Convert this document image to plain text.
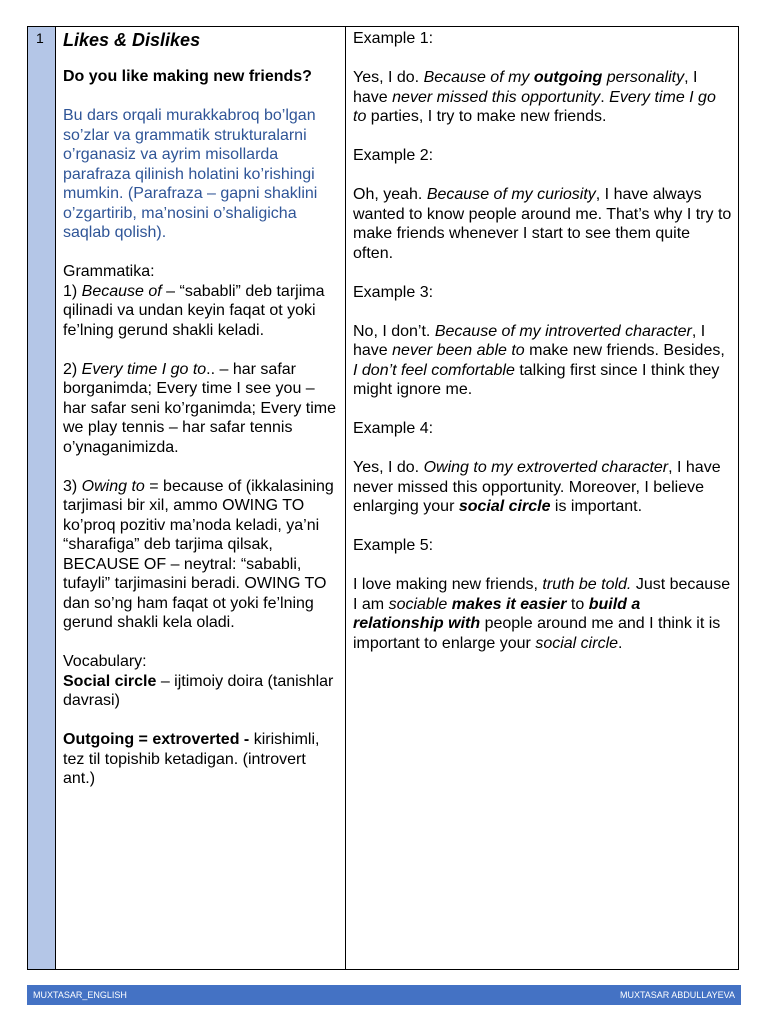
1 Likes & Dislikes

Do you like making new friends?

Bu dars orqali murakkabroq bo’lgan so’zlar va grammatik strukturalarni o’rganasiz va ayrim misollarda parafraza qilinish holatini ko’rishingi mumkin. (Parafraza – gapni shaklini o’zgartirib, ma’nosini o’shaligicha saqlab qolish).

Grammatika:

1) Because of – “sababli” deb tarjima qilinadi va undan keyin faqat ot yoki fe’lning gerund shakli keladi.

2) Every time I go to.. – har safar borganimda; Every time I see you – har safar seni ko’rganimda; Every time we play tennis – har safar tennis o’ynaganimizda.

3) Owing to = because of (ikkalasining tarjimasi bir xil, ammo OWING TO ko’proq pozitiv ma’noda keladi, ya’ni “sharafiga” deb tarjima qilsak, BECAUSE OF – neytral: “sababli, tufayli” tarjimasini beradi. OWING TO dan so’ng ham faqat ot yoki fe’lning gerund shakli kela oladi.

Vocabulary:

Social circle – ijtimoiy doira (tanishlar davrasi)

Outgoing = extroverted - kirishimli, tez til topishib ketadigan. (introvert ant.)

Example 1:

Yes, I do. Because of my outgoing personality, I have never missed this opportunity. Every time I go to parties, I try to make new friends.

Example 2:

Oh, yeah. Because of my curiosity, I have always wanted to know people around me. That’s why I try to make friends whenever I start to see them quite often.

Example 3:

No, I don’t. Because of my introverted character, I have never been able to make new friends. Besides, I don’t feel comfortable talking first since I think they might ignore me.

Example 4:

Yes, I do. Owing to my extroverted character, I have never missed this opportunity. Moreover, I believe enlarging your social circle is important.

Example 5:

I love making new friends, truth be told. Just because I am sociable makes it easier to build a relationship with people around me and I think it is important to enlarge your social circle.

MUXTASAR_ENGLISH	MUXTASAR ABDULLAYEVA
